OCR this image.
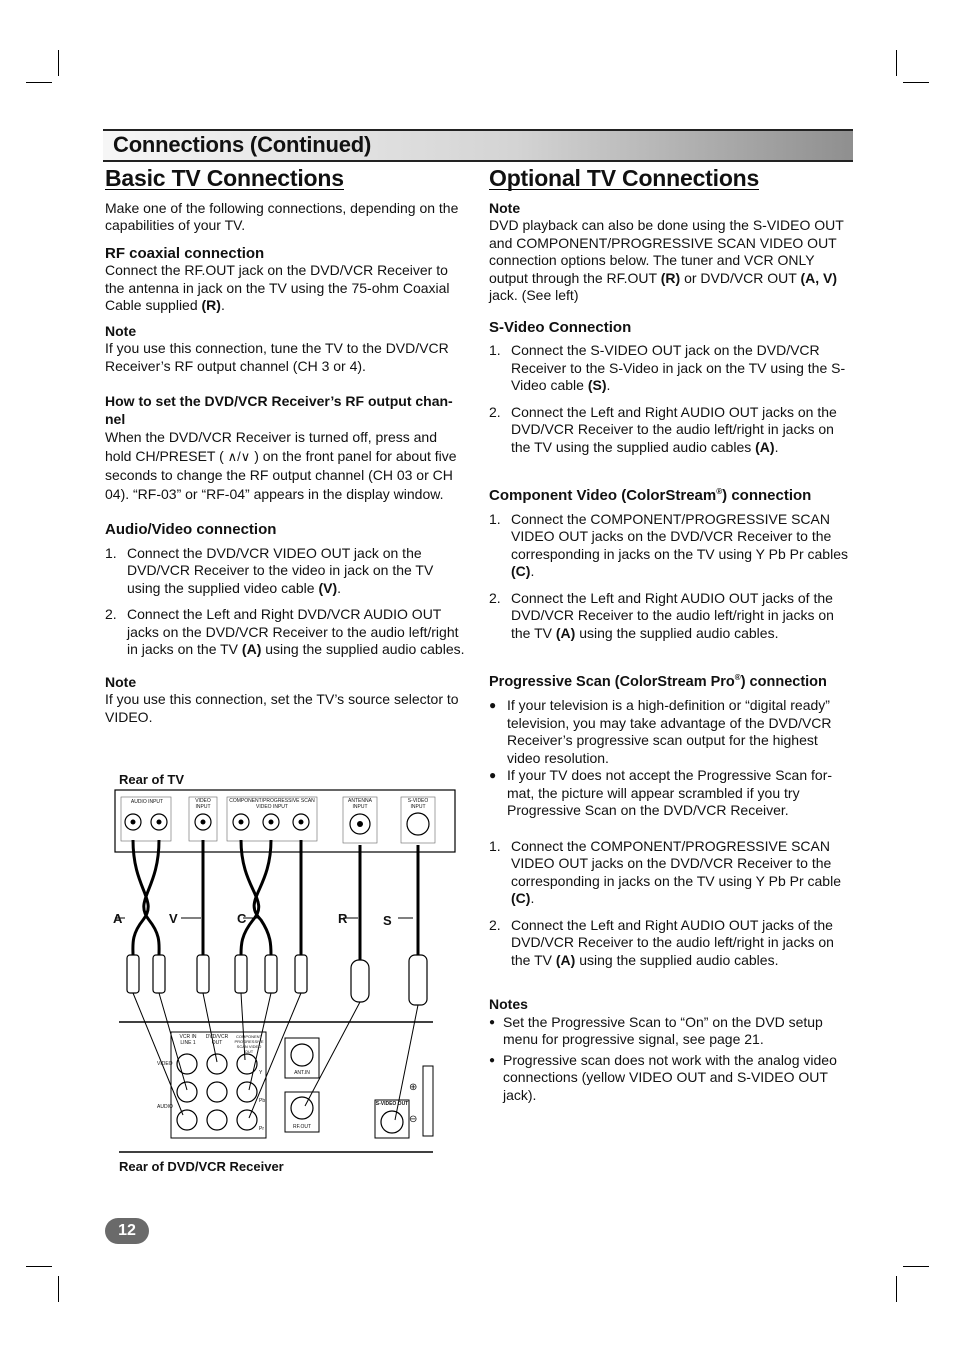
Connections (Continued)
Basic TV Connections

Make one of the following connections, depending on the capabilities of your TV.

RF coaxial connection

Connect the RF.OUT jack on the DVD/VCR Receiver to the antenna in jack on the TV using the 75-ohm Coaxial Cable supplied (R).

Note

If you use this connection, tune the TV to the DVD/VCR Receiver’s RF output channel (CH 3 or 4).

How to set the DVD/VCR Receiver’s RF output chan-nel

When the DVD/VCR Receiver is turned off, press and hold CH/PRESET ( ∧/∨ ) on the front panel for about five seconds to change the RF output channel (CH 03 or CH 04). “RF-03” or “RF-04” appears in the display window.

Audio/Video connection
1. Connect the DVD/VCR VIDEO OUT jack on the DVD/VCR Receiver to the video in jack on the TV using the supplied video cable (V).
2. Connect the Left and Right DVD/VCR AUDIO OUT jacks on the DVD/VCR Receiver to the audio left/right in jacks on the TV (A) using the supplied audio cables.
Note

If you use this connection, set the TV’s source selector to VIDEO.

Rear of TV
AUDIO INPUT	VIDEO INPUT
COMPONENT/PROGRESSIVE SCAN VIDEO INPUT
ANTENNA INPUT
S-VIDEO INPUT
A	V	C	R	S
VCR IN LINE 1
DVD/VCR OUT
COMPONENT PROGRESSIVE SCAN VIDEO OUT
VIDEO
AUDIO
Y
Pb
Pr
ANT.IN
RF.OUT
S-VIDEO OUT
⊕
⊖
Rear of DVD/VCR Receiver
Optional TV Connections
Note

DVD playback can also be done using the S-VIDEO OUT and COMPONENT/PROGRESSIVE SCAN VIDEO OUT connection options below. The tuner and VCR ONLY output through the RF.OUT (R) or DVD/VCR OUT (A, V) jack. (See left)

S-Video Connection
1. Connect the S-VIDEO OUT jack on the DVD/VCR Receiver to the S-Video in jack on the TV using the S-Video cable (S).
2. Connect the Left and Right AUDIO OUT jacks on the DVD/VCR Receiver to the audio left/right in jacks on the TV using the supplied audio cables (A).
Component Video (ColorStream®) connection
1. Connect the COMPONENT/PROGRESSIVE SCAN VIDEO OUT jacks on the DVD/VCR Receiver to the corresponding in jacks on the TV using Y Pb Pr cables (C).
2. Connect the Left and Right AUDIO OUT jacks of the DVD/VCR Receiver to the audio left/right in jacks on the TV (A) using the supplied audio cables.
Progressive Scan (ColorStream Pro®) connection
● If your television is a high-definition or “digital ready” television, you may take advantage of the DVD/VCR Receiver’s progressive scan output for the highest video resolution.
● If your TV does not accept the Progressive Scan for-mat, the picture will appear scrambled if you try Progressive Scan on the DVD/VCR Receiver.
1. Connect the COMPONENT/PROGRESSIVE SCAN VIDEO OUT jacks on the DVD/VCR Receiver to the corresponding in jacks on the TV using Y Pb Pr cable (C).
2. Connect the Left and Right AUDIO OUT jacks of the DVD/VCR Receiver to the audio left/right in jacks on the TV (A) using the supplied audio cables.
Notes
● Set the Progressive Scan to “On” on the DVD setup menu for progressive signal, see page 21.
● Progressive scan does not work with the analog video connections (yellow VIDEO OUT and S-VIDEO OUT jack).
12
